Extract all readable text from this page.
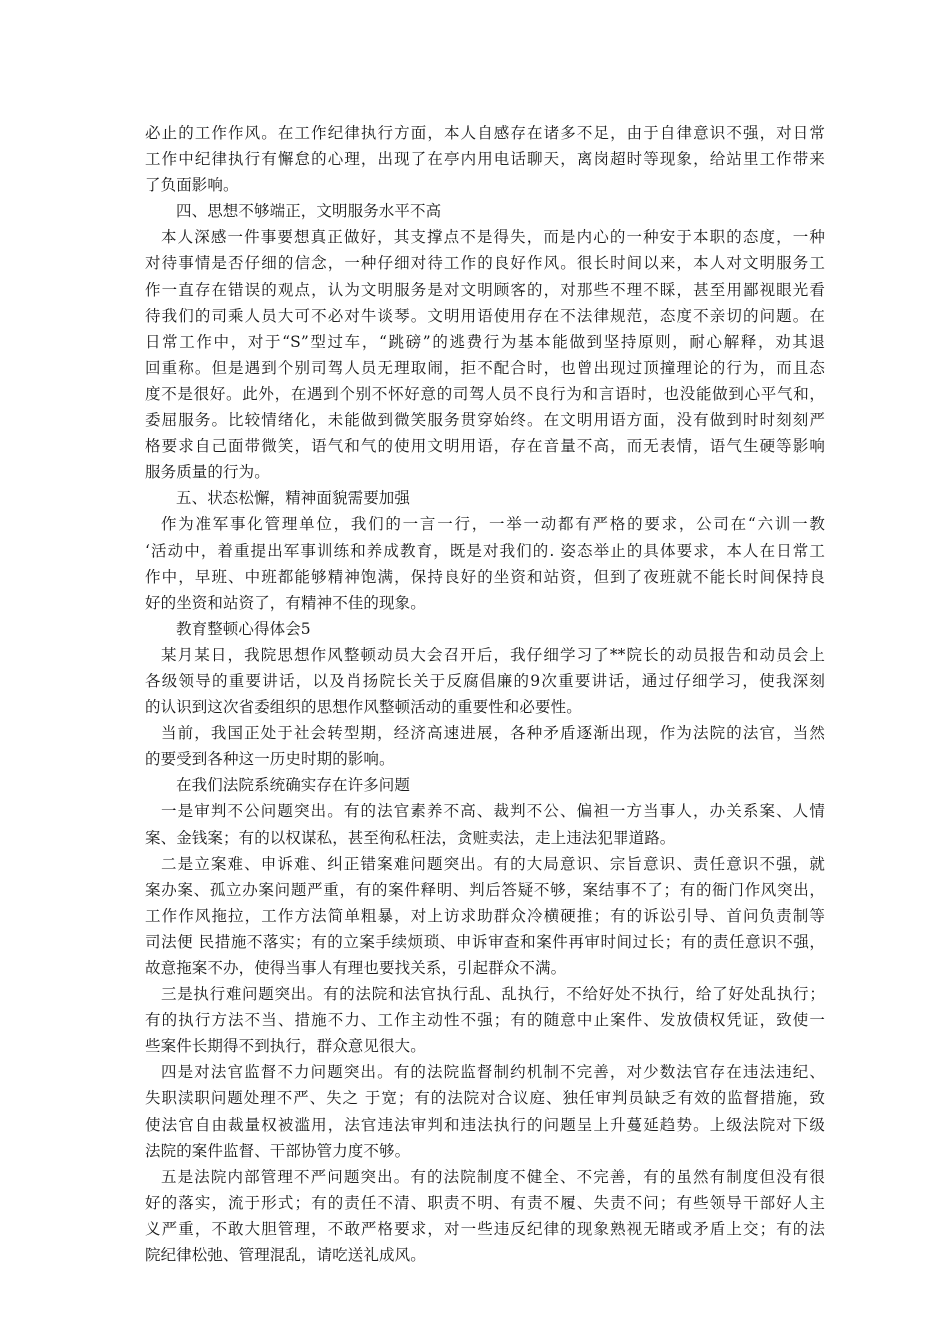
必止的工作作风。在工作纪律执行方面，本人自感存在诸多不足，由于自律意识不强，对日常
工作中纪律执行有懈怠的心理，出现了在亭内用电话聊天，离岗超时等现象，给站里工作带来
了负面影响。
四、思想不够端正，文明服务水平不高
本人深感一件事要想真正做好，其支撑点不是得失，而是内心的一种安于本职的态度，一种
对待事情是否仔细的信念，一种仔细对待工作的良好作风。很长时间以来，本人对文明服务工
作一直存在错误的观点，认为文明服务是对文明顾客的，对那些不理不睬，甚至用鄙视眼光看
待我们的司乘人员大可不必对牛谈琴。文明用语使用存在不法律规范，态度不亲切的问题。在
日常工作中，对于“S”型过车，“跳磅”的逃费行为基本能做到坚持原则，耐心解释，劝其退
回重称。但是遇到个别司驾人员无理取闹，拒不配合时，也曾出现过顶撞理论的行为，而且态
度不是很好。此外，在遇到个别不怀好意的司驾人员不良行为和言语时，也没能做到心平气和，
委屈服务。比较情绪化，未能做到微笑服务贯穿始终。在文明用语方面，没有做到时时刻刻严
格要求自己面带微笑，语气和气的使用文明用语，存在音量不高，而无表情，语气生硬等影响
服务质量的行为。
五、状态松懈，精神面貌需要加强
作为准军事化管理单位，我们的一言一行，一举一动都有严格的要求，公司在“六训一教
‘活动中，着重提出军事训练和养成教育，既是对我们的. 姿态举止的具体要求，本人在日常工
作中，早班、中班都能够精神饱满，保持良好的坐资和站资，但到了夜班就不能长时间保持良
好的坐资和站资了，有精神不佳的现象。
教育整顿心得体会5
某月某日，我院思想作风整顿动员大会召开后，我仔细学习了**院长的动员报告和动员会上
各级领导的重要讲话，以及肖扬院长关于反腐倡廉的9次重要讲话，通过仔细学习，使我深刻
的认识到这次省委组织的思想作风整顿活动的重要性和必要性。
当前，我国正处于社会转型期，经济高速进展，各种矛盾逐渐出现，作为法院的法官，当然
的要受到各种这一历史时期的影响。
在我们法院系统确实存在许多问题
一是审判不公问题突出。有的法官素养不高、裁判不公、偏袒一方当事人，办关系案、人情
案、金钱案；有的以权谋私，甚至徇私枉法，贪赃卖法，走上违法犯罪道路。
二是立案难、申诉难、纠正错案难问题突出。有的大局意识、宗旨意识、责任意识不强，就
案办案、孤立办案问题严重，有的案件释明、判后答疑不够，案结事不了；有的衙门作风突出，
工作作风拖拉，工作方法简单粗暴，对上访求助群众冷横硬推；有的诉讼引导、首问负责制等
司法便 民措施不落实；有的立案手续烦琐、申诉审查和案件再审时间过长；有的责任意识不强，
故意拖案不办，使得当事人有理也要找关系，引起群众不满。
三是执行难问题突出。有的法院和法官执行乱、乱执行，不给好处不执行，给了好处乱执行；
有的执行方法不当、措施不力、工作主动性不强；有的随意中止案件、发放债权凭证，致使一
些案件长期得不到执行，群众意见很大。
四是对法官监督不力问题突出。有的法院监督制约机制不完善，对少数法官存在违法违纪、
失职渎职问题处理不严、失之 于宽；有的法院对合议庭、独任审判员缺乏有效的监督措施，致
使法官自由裁量权被滥用，法官违法审判和违法执行的问题呈上升蔓延趋势。上级法院对下级
法院的案件监督、干部协管力度不够。
五是法院内部管理不严问题突出。有的法院制度不健全、不完善，有的虽然有制度但没有很
好的落实，流于形式；有的责任不清、职责不明、有责不履、失责不问；有些领导干部好人主
义严重，不敢大胆管理，不敢严格要求，对一些违反纪律的现象熟视无睹或矛盾上交；有的法
院纪律松弛、管理混乱，请吃送礼成风。
